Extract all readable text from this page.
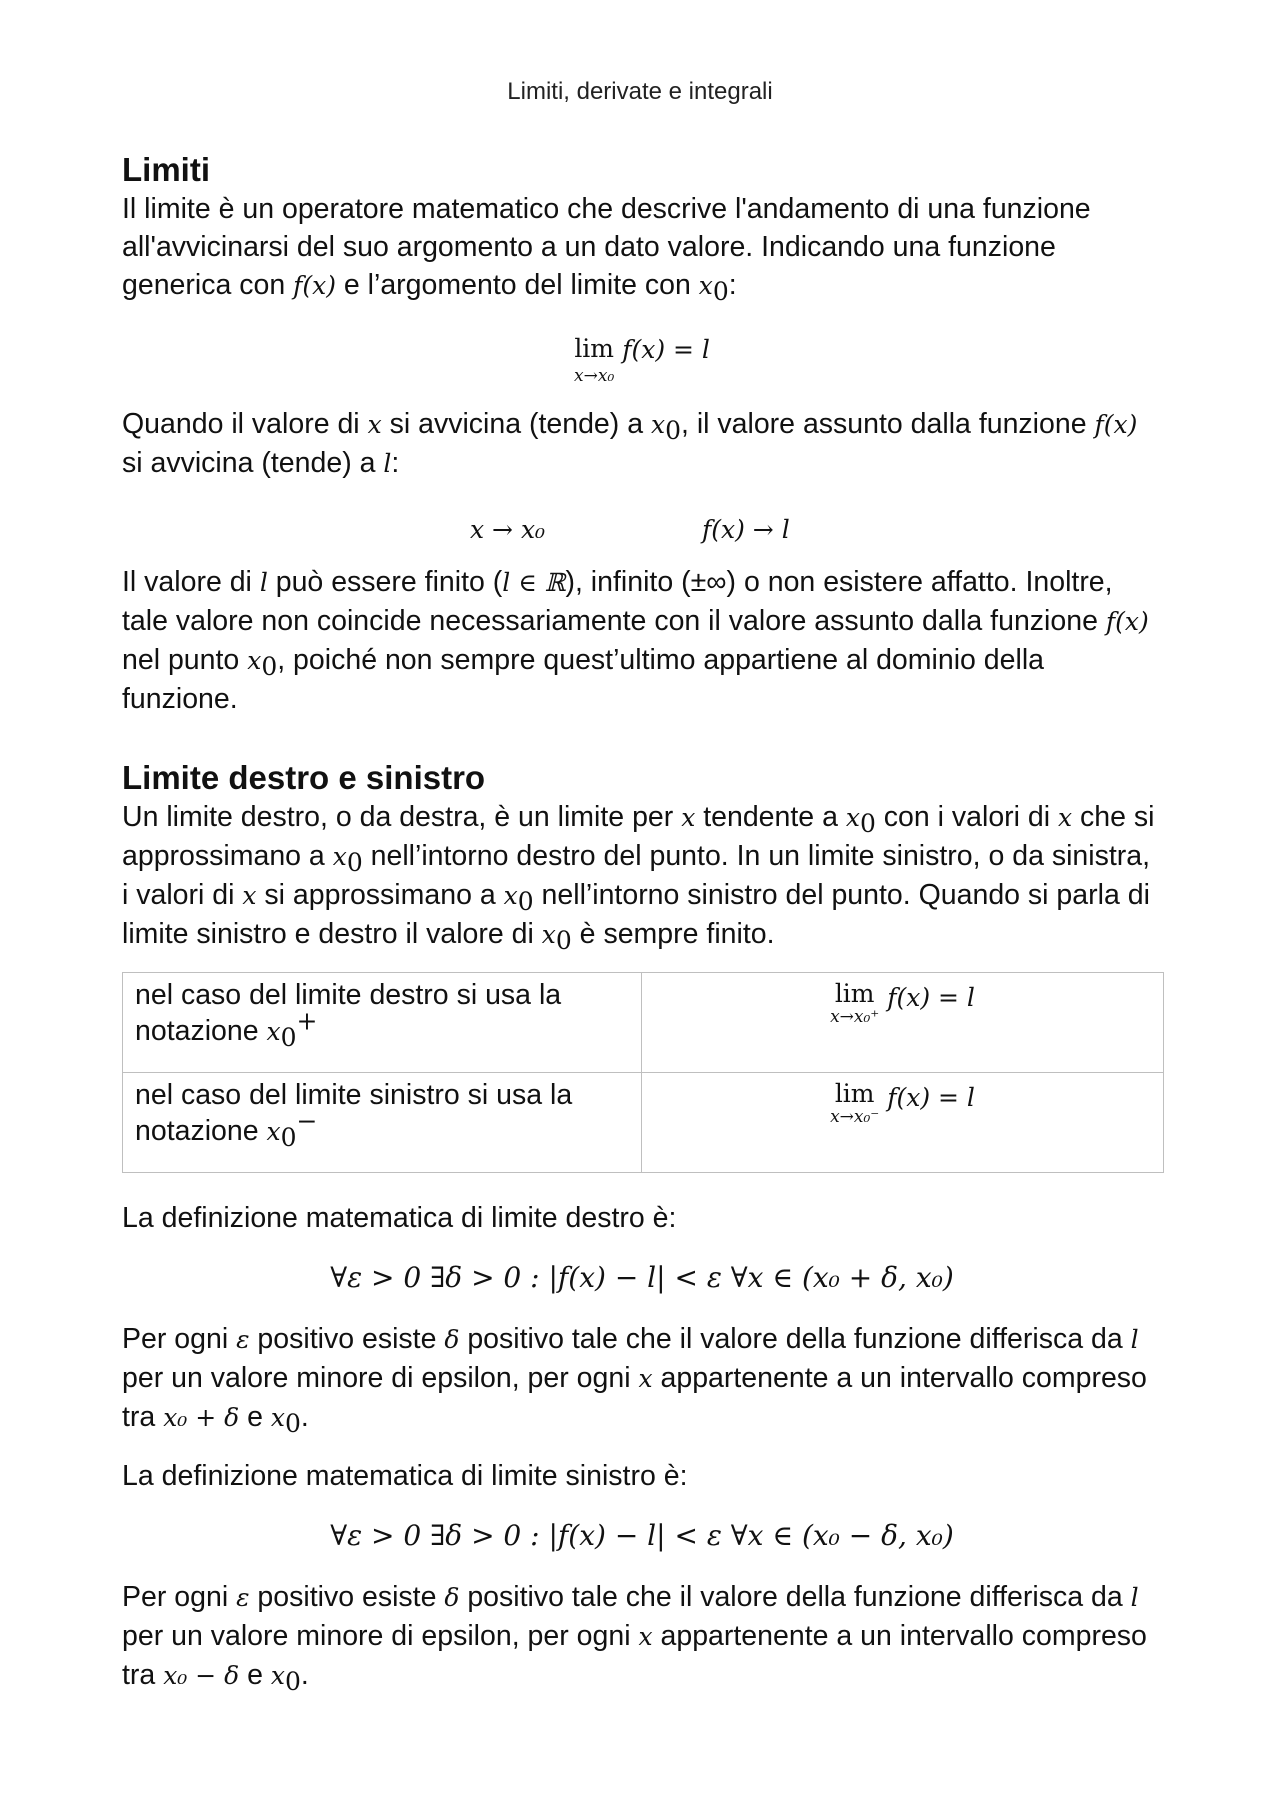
Limiti, derivate e integrali
Limiti

Il limite è un operatore matematico che descrive l'andamento di una funzione all'avvicinarsi del suo argomento a un dato valore. Indicando una funzione generica con f(x) e l’argomento del limite con $x_0$:

lim
x→x₀
f(x) = l

Quando il valore di x si avvicina (tende) a $x_0$, il valore assunto dalla funzione f(x) si avvicina (tende) a l:

x → x₀	f(x) → l

Il valore di l può essere finito (l ∈ ℝ), infinito (±∞) o non esistere affatto. Inoltre, tale valore non coincide necessariamente con il valore assunto dalla funzione f(x) nel punto $x_0$, poiché non sempre quest’ultimo appartiene al dominio della funzione.

Limite destro e sinistro

Un limite destro, o da destra, è un limite per x tendente a $x_0$ con i valori di x che si approssimano a $x_0$ nell’intorno destro del punto. In un limite sinistro, o da sinistra, i valori di x si approssimano a $x_0$ nell’intorno sinistro del punto. Quando si parla di limite sinistro e destro il valore di $x_0$ è sempre finito.

nel caso del limite destro si usa la notazione $x_0^+$	lim
x→x₀⁺
f(x) = l
nel caso del limite sinistro si usa la notazione $x_0^-$	lim
x→x₀⁻
f(x) = l

La definizione matematica di limite destro è:

∀ε > 0 ∃δ > 0 : |f(x) − l| < ε ∀x ∈ (x₀ + δ, x₀)

Per ogni ε positivo esiste δ positivo tale che il valore della funzione differisca da l per un valore minore di epsilon, per ogni x appartenente a un intervallo compreso tra x₀ + δ e $x_0$.

La definizione matematica di limite sinistro è:

∀ε > 0 ∃δ > 0 : |f(x) − l| < ε ∀x ∈ (x₀ − δ, x₀)

Per ogni ε positivo esiste δ positivo tale che il valore della funzione differisca da l per un valore minore di epsilon, per ogni x appartenente a un intervallo compreso tra x₀ − δ e $x_0$.
